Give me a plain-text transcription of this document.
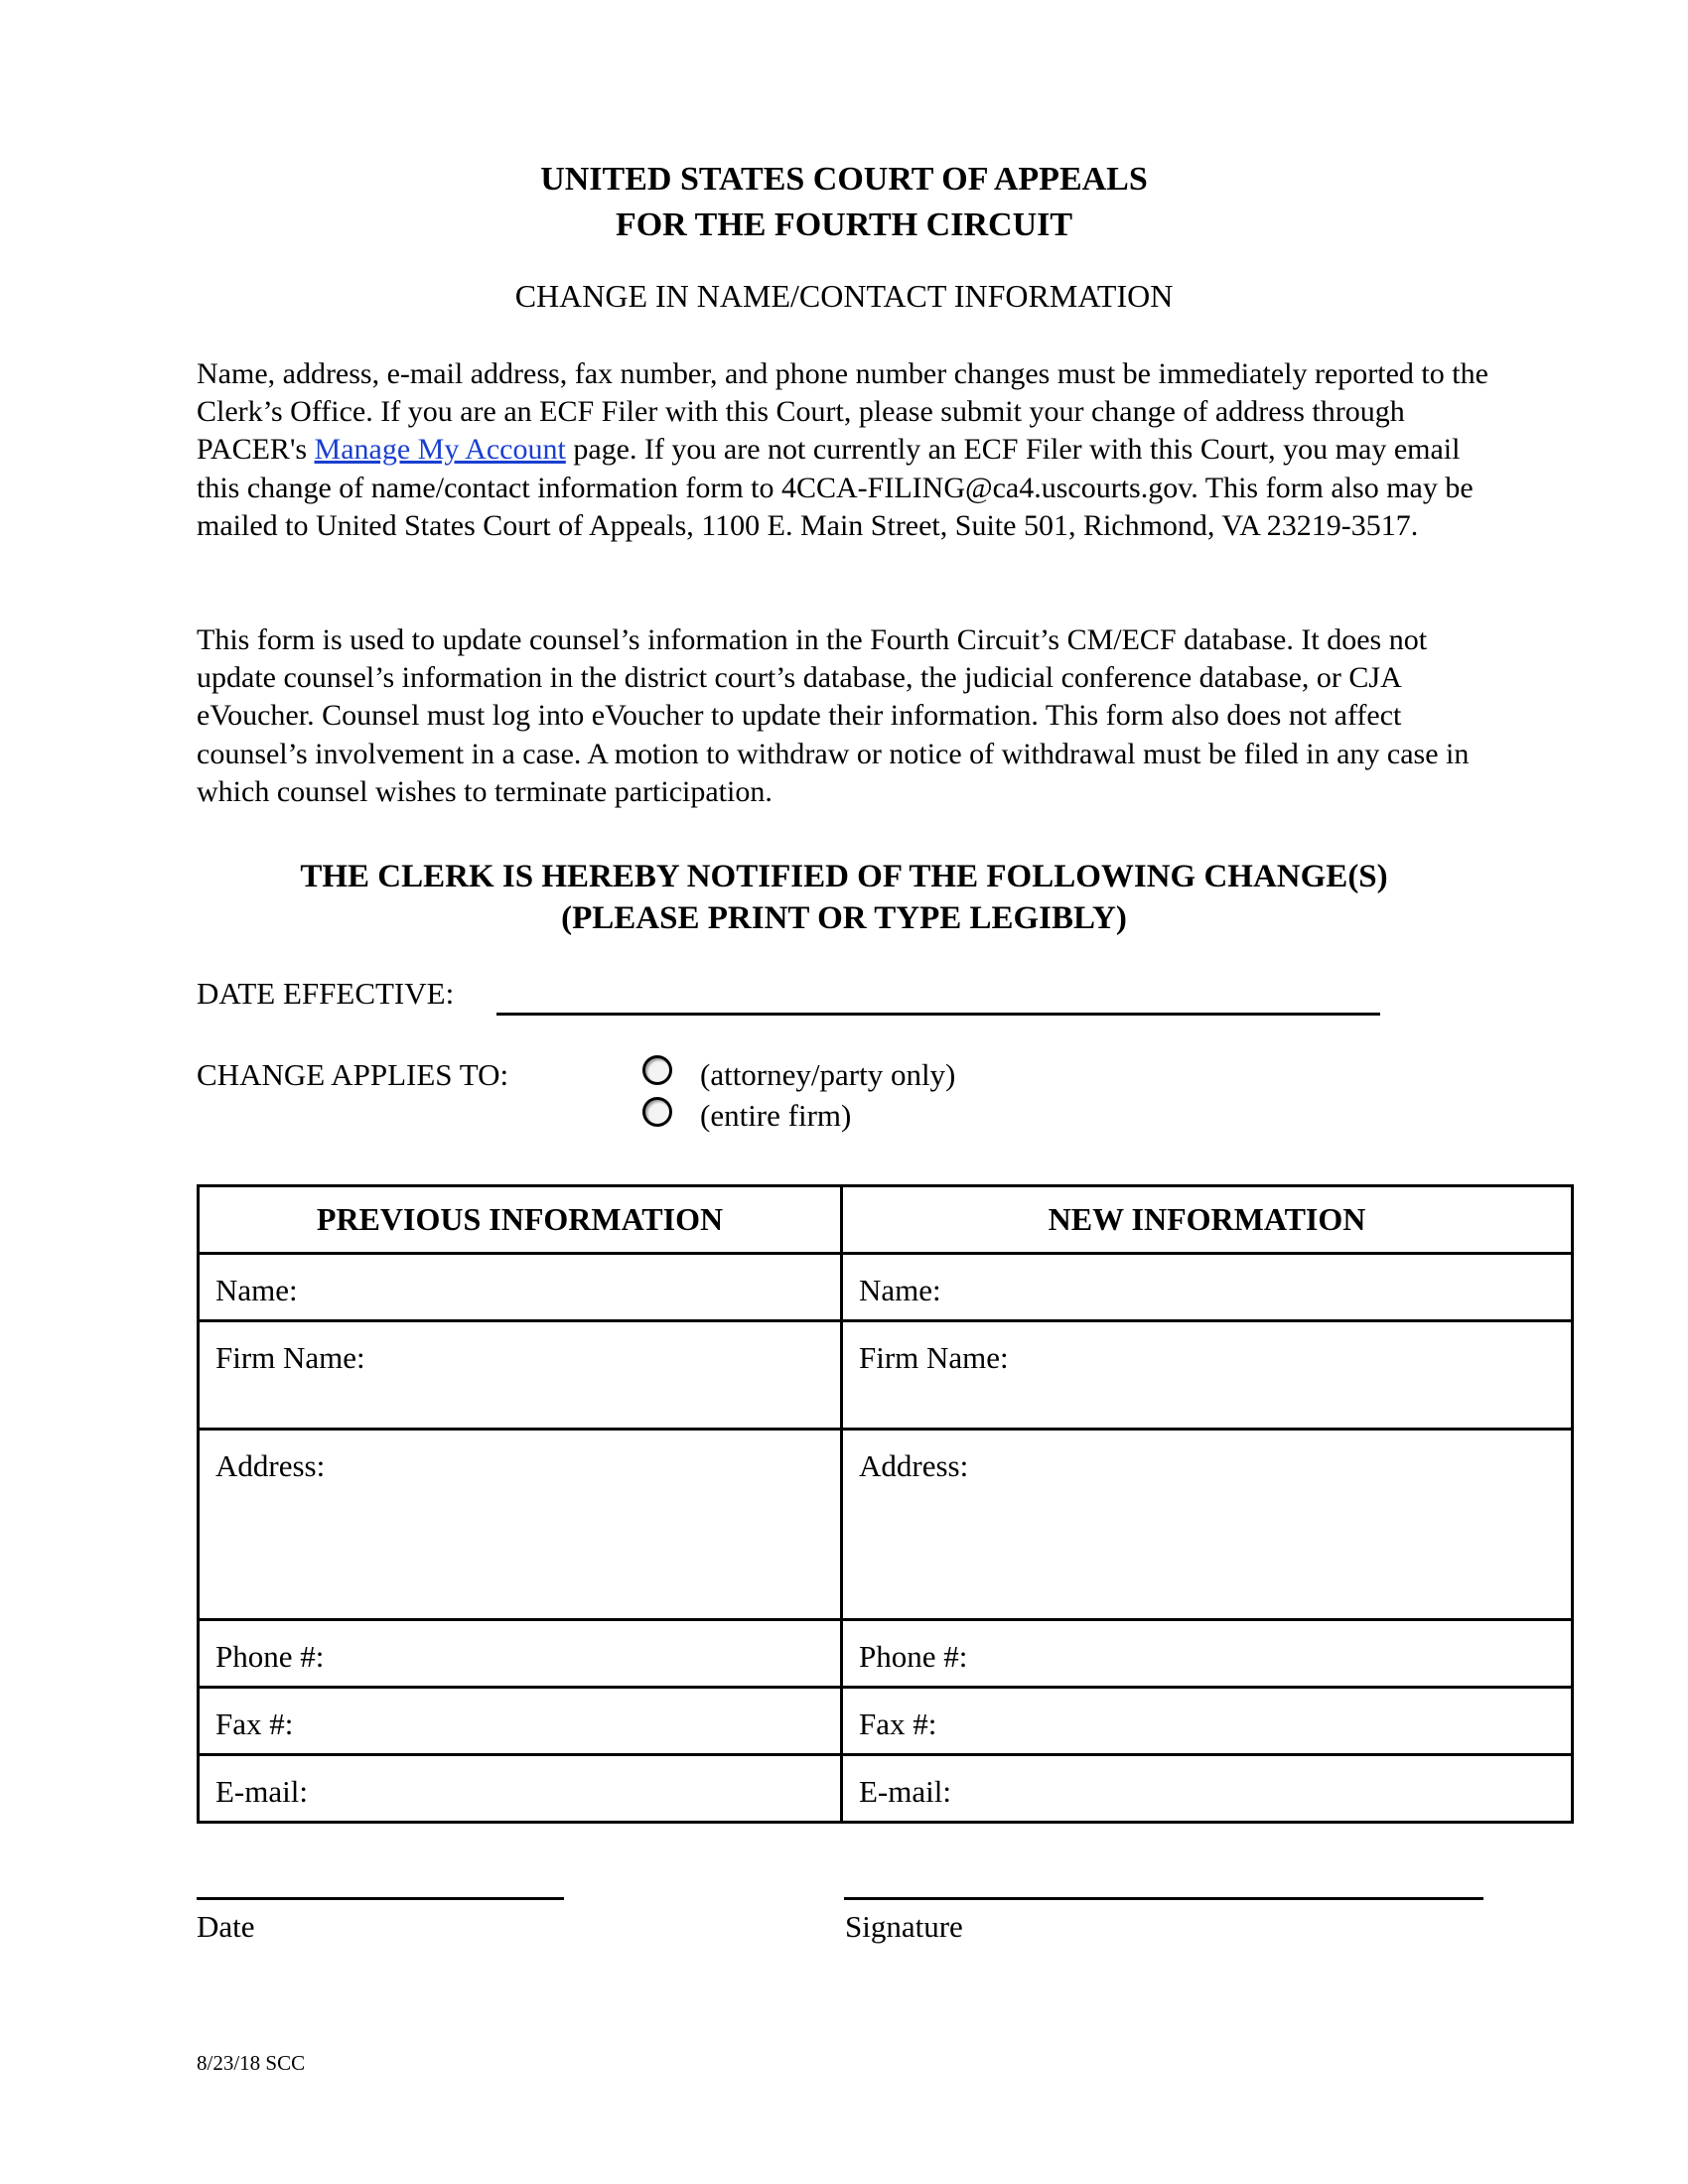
UNITED STATES COURT OF APPEALS
FOR THE FOURTH CIRCUIT
CHANGE IN NAME/CONTACT INFORMATION
Name, address, e-mail address, fax number, and phone number changes must be immediately reported to the Clerk’s Office. If you are an ECF Filer with this Court, please submit your change of address through PACER's Manage My Account page. If you are not currently an ECF Filer with this Court, you may email this change of name/contact information form to 4CCA-FILING@ca4.uscourts.gov. This form also may be mailed to United States Court of Appeals, 1100 E. Main Street, Suite 501, Richmond, VA 23219-3517.
This form is used to update counsel’s information in the Fourth Circuit’s CM/ECF database. It does not update counsel’s information in the district court’s database, the judicial conference database, or CJA eVoucher. Counsel must log into eVoucher to update their information. This form also does not affect counsel’s involvement in a case. A motion to withdraw or notice of withdrawal must be filed in any case in which counsel wishes to terminate participation.
THE CLERK IS HEREBY NOTIFIED OF THE FOLLOWING CHANGE(S)
(PLEASE PRINT OR TYPE LEGIBLY)
DATE EFFECTIVE:
CHANGE APPLIES TO:	(attorney/party only)
(entire firm)
PREVIOUS INFORMATION	NEW INFORMATION

Name:	Name:

Firm Name:	Firm Name:

Address:	Address:

Phone #:	Phone #:

Fax #:	Fax #:

E-mail:	E-mail:
Date	Signature
8/23/18 SCC
